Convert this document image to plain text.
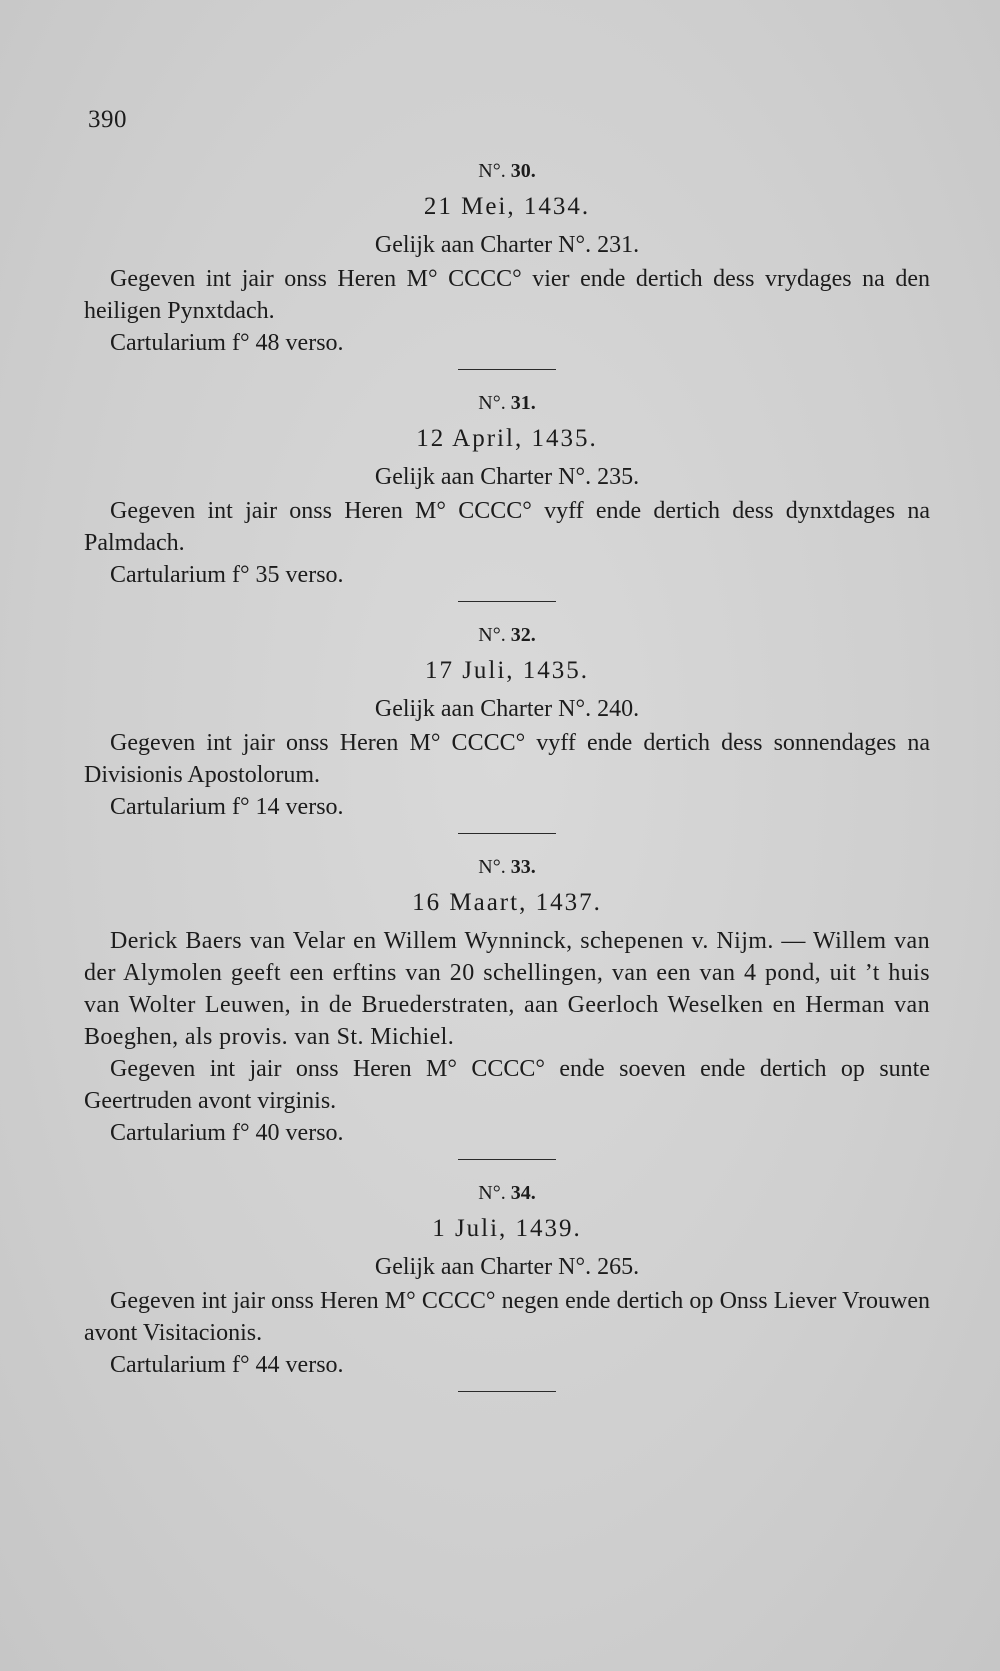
390
N°. 30.
21 Mei, 1434.
Gelijk aan Charter N°. 231.

Gegeven int jair onss Heren M° CCCC° vier ende dertich dess vrydages na den heiligen Pynxtdach.

Cartularium f° 48 verso.

N°. 31.
12 April, 1435.
Gelijk aan Charter N°. 235.

Gegeven int jair onss Heren M° CCCC° vyff ende dertich dess dynxtdages na Palmdach.

Cartularium f° 35 verso.

N°. 32.
17 Juli, 1435.
Gelijk aan Charter N°. 240.

Gegeven int jair onss Heren M° CCCC° vyff ende dertich dess sonnendages na Divisionis Apostolorum.

Cartularium f° 14 verso.

N°. 33.
16 Maart, 1437.

Derick Baers van Velar en Willem Wynninck, schepenen v. Nijm. — Willem van der Alymolen geeft een erftins van 20 schellingen, van een van 4 pond, uit ’t huis van Wolter Leuwen, in de Bruederstraten, aan Geerloch Weselken en Herman van Boeghen, als provis. van St. Michiel.

Gegeven int jair onss Heren M° CCCC° ende soeven ende dertich op sunte Geertruden avont virginis.

Cartularium f° 40 verso.

N°. 34.
1 Juli, 1439.
Gelijk aan Charter N°. 265.

Gegeven int jair onss Heren M° CCCC° negen ende dertich op Onss Liever Vrouwen avont Visitacionis.

Cartularium f° 44 verso.
